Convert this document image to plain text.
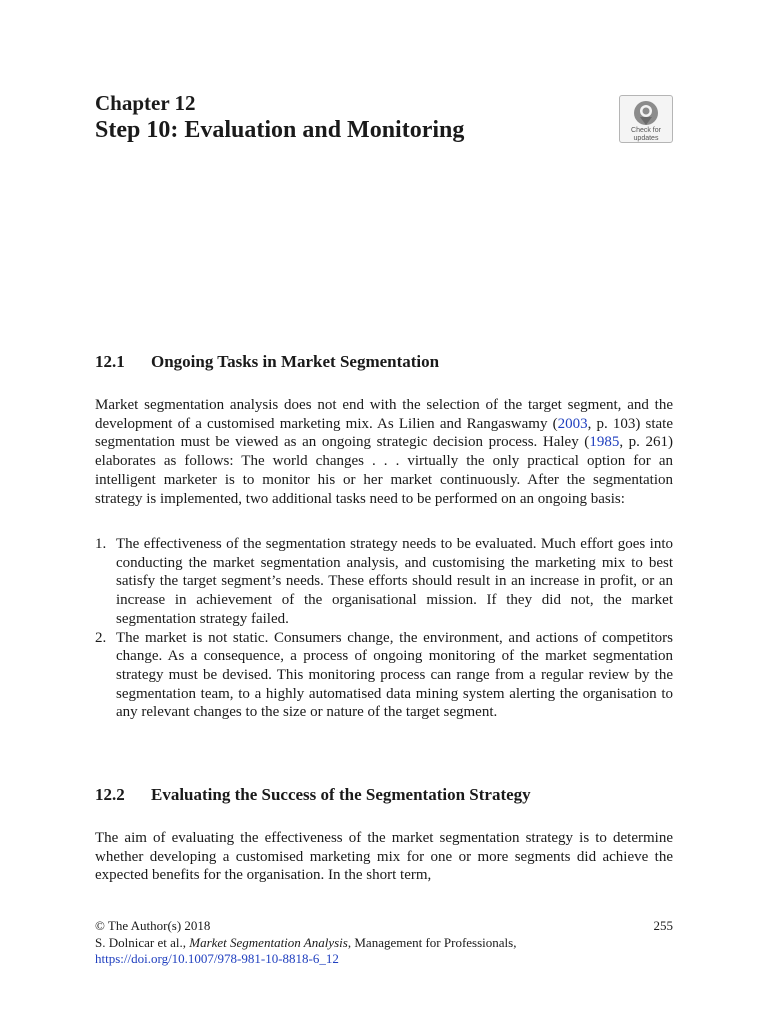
Chapter 12
Step 10: Evaluation and Monitoring	Check for
updates
12.1 Ongoing Tasks in Market Segmentation

Market segmentation analysis does not end with the selection of the target segment, and the development of a customised marketing mix. As Lilien and Rangaswamy (2003, p. 103) state segmentation must be viewed as an ongoing strategic decision process. Haley (1985, p. 261) elaborates as follows: The world changes . . . virtually the only practical option for an intelligent marketer is to monitor his or her market continuously. After the segmentation strategy is implemented, two additional tasks need to be performed on an ongoing basis:

1. The effectiveness of the segmentation strategy needs to be evaluated. Much effort goes into conducting the market segmentation analysis, and customising the marketing mix to best satisfy the target segment’s needs. These efforts should result in an increase in profit, or an increase in achievement of the organisational mission. If they did not, the market segmentation strategy failed.
2. The market is not static. Consumers change, the environment, and actions of competitors change. As a consequence, a process of ongoing monitoring of the market segmentation strategy must be devised. This monitoring process can range from a regular review by the segmentation team, to a highly automatised data mining system alerting the organisation to any relevant changes to the size or nature of the target segment.
12.2 Evaluating the Success of the Segmentation Strategy

The aim of evaluating the effectiveness of the market segmentation strategy is to determine whether developing a customised marketing mix for one or more segments did achieve the expected benefits for the organisation. In the short term,

© The Author(s) 2018	255
S. Dolnicar et al., Market Segmentation Analysis, Management for Professionals,
https://doi.org/10.1007/978-981-10-8818-6_12
